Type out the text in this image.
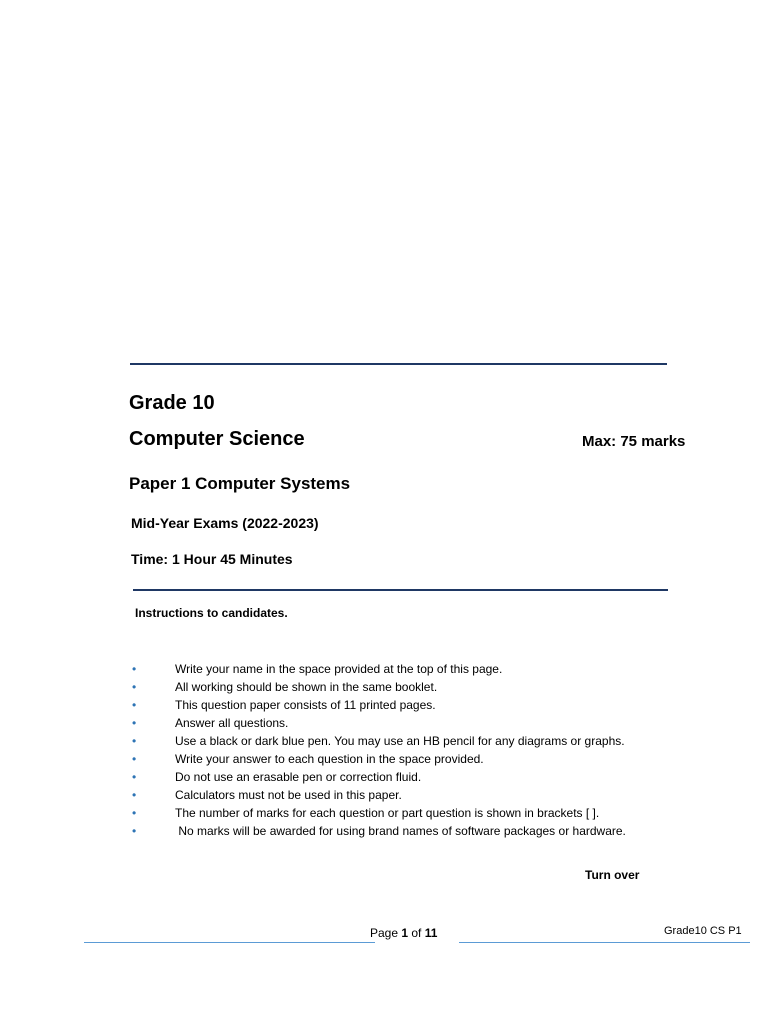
Grade 10
Computer Science	Max: 75 marks
Paper 1 Computer Systems
Mid-Year Exams (2022-2023)
Time: 1 Hour 45 Minutes
Instructions to candidates.
•	Write your name in the space provided at the top of this page.
•	All working should be shown in the same booklet.
•	This question paper consists of 11 printed pages.
•	Answer all questions.
•	Use a black or dark blue pen. You may use an HB pencil for any diagrams or graphs.
•	Write your answer to each question in the space provided.
•	Do not use an erasable pen or correction fluid.
•	Calculators must not be used in this paper.
•	The number of marks for each question or part question is shown in brackets [ ].
•	No marks will be awarded for using brand names of software packages or hardware.
Turn over
Page 1 of 11	Grade10 CS P1
